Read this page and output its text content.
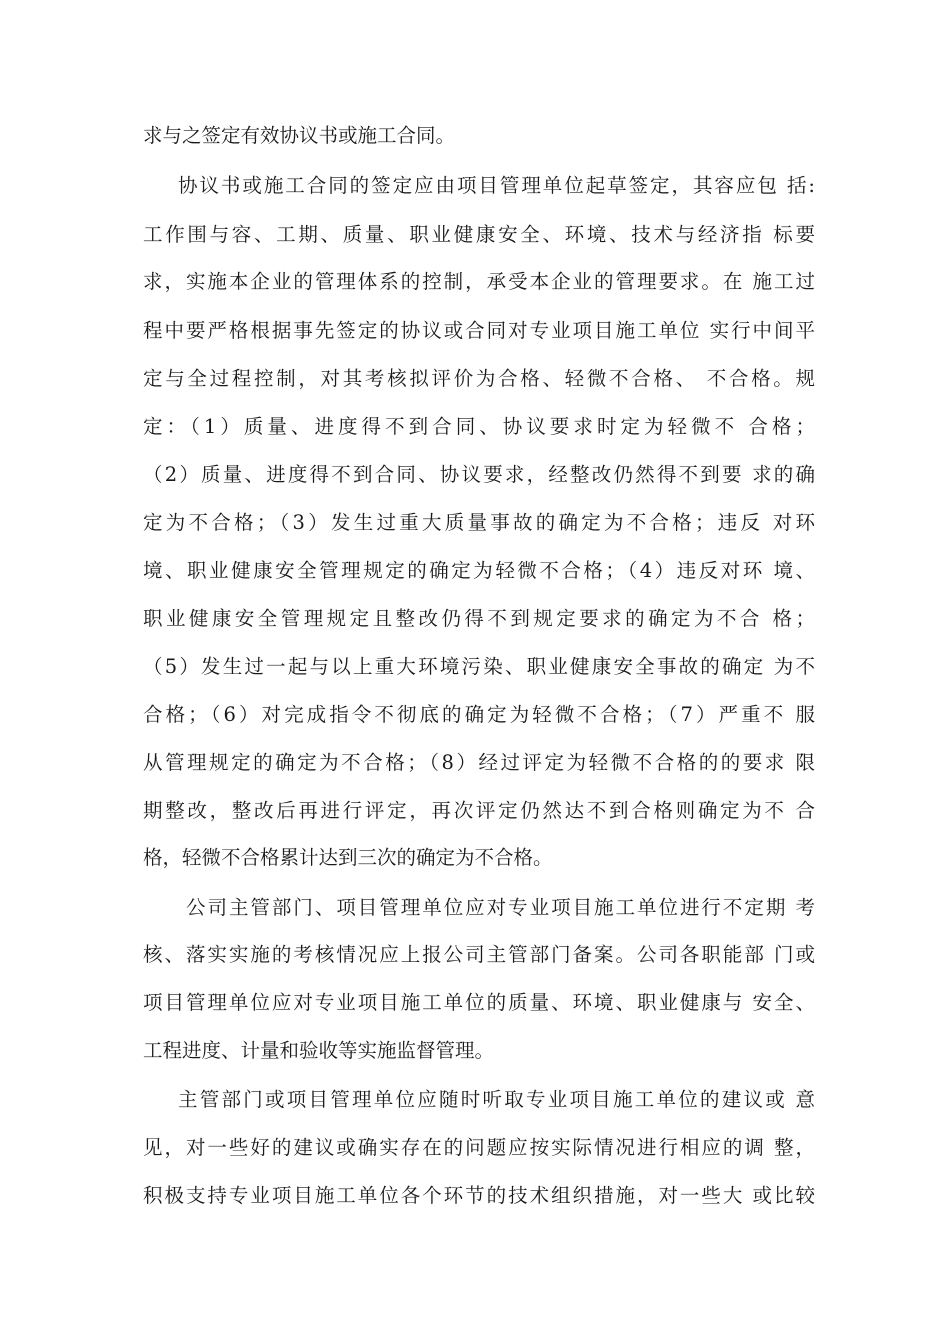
求与之签定有效协议书或施工合同。
协议书或施工合同的签定应由项目管理单位起草签定，其容应包 括:
工作围与容、工期、质量、职业健康安全、环境、技术与经济指 标要
求，实施本企业的管理体系的控制，承受本企业的管理要求。在 施工过
程中要严格根据事先签定的协议或合同对专业项目施工单位 实行中间平
定与全过程控制，对其考核拟评价为合格、轻微不合格、 不合格。规
定：（1）质量、进度得不到合同、协议要求时定为轻微不 合格；
（2）质量、进度得不到合同、协议要求，经整改仍然得不到要 求的确
定为不合格；（3）发生过重大质量事故的确定为不合格；违反 对环
境、职业健康安全管理规定的确定为轻微不合格；（4）违反对环 境、
职业健康安全管理规定且整改仍得不到规定要求的确定为不合 格；
（5）发生过一起与以上重大环境污染、职业健康安全事故的确定 为不
合格；（6）对完成指令不彻底的确定为轻微不合格；（7）严重不 服
从管理规定的确定为不合格；（8）经过评定为轻微不合格的的要求 限
期整改，整改后再进行评定，再次评定仍然达不到合格则确定为不 合
格，轻微不合格累计达到三次的确定为不合格。
公司主管部门、项目管理单位应对专业项目施工单位进行不定期 考
核、落实实施的考核情况应上报公司主管部门备案。公司各职能部 门或
项目管理单位应对专业项目施工单位的质量、环境、职业健康与 安全、
工程进度、计量和验收等实施监督管理。
主管部门或项目管理单位应随时听取专业项目施工单位的建议或 意
见，对一些好的建议或确实存在的问题应按实际情况进行相应的调 整，
积极支持专业项目施工单位各个环节的技术组织措施，对一些大 或比较
